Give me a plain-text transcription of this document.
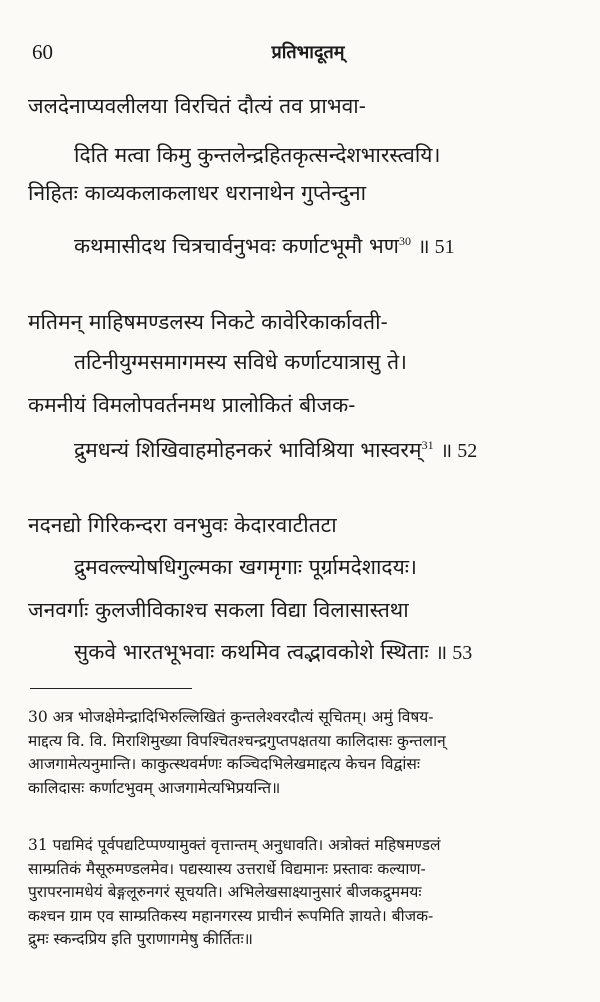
60	प्रतिभादूतम्
जलदेनाप्यवलीलया विरचितं दौत्यं तव प्राभवा-
दिति मत्वा किमु कुन्तलेन्द्रहितकृत्सन्देशभारस्त्वयि।
निहितः काव्यकलाकलाधर धरानाथेन गुप्तेन्दुना
कथमासीदथ चित्रचार्वनुभवः कर्णाटभूमौ भण$^{30}$ ॥ 51
मतिमन् माहिषमण्डलस्य निकटे कावेरिकार्कावती-
तटिनीयुग्मसमागमस्य सविधे कर्णाटयात्रासु ते।
कमनीयं विमलोपवर्तनमथ प्रालोकितं बीजक-
द्रुमधन्यं शिखिवाहमोहनकरं भाविश्रिया भास्वरम्$^{31}$ ॥ 52
नदनद्यो गिरिकन्दरा वनभुवः केदारवाटीतटा
द्रुमवल्ल्योषधिगुल्मका खगमृगाः पूर्ग्रामदेशादयः।
जनवर्गाः कुलजीविकाश्च सकला विद्या विलासास्तथा
सुकवे भारतभूभवाः कथमिव त्वद्भावकोशे स्थिताः ॥ 53
30 अत्र भोजक्षेमेन्द्रादिभिरुल्लिखितं कुन्तलेश्वरदौत्यं सूचितम्। अमुं विषय-
माद्दत्य वि. वि. मिराशिमुख्या विपश्चितश्चन्द्रगुप्तपक्षतया कालिदासः कुन्तलान्
आजगामेत्यनुमान्ति। काकुत्स्थवर्मणः कञ्चिदभिलेखमाद्दत्य केचन विद्वांसः
कालिदासः कर्णाटभुवम् आजगामेत्यभिप्रयन्ति॥
31 पद्यमिदं पूर्वपद्यटिप्पण्यामुक्तं वृत्तान्तम् अनुधावति। अत्रोक्तं महिषमण्डलं
साम्प्रतिकं मैसूरुमण्डलमेव। पद्यस्यास्य उत्तरार्धे विद्यमानः प्रस्तावः कल्याण-
पुरापरनामधेयं बेङ्गलूरुनगरं सूचयति। अभिलेखसाक्ष्यानुसारं बीजकद्रुममयः
कश्चन ग्राम एव साम्प्रतिकस्य महानगरस्य प्राचीनं रूपमिति ज्ञायते। बीजक-
द्रुमः स्कन्दप्रिय इति पुराणागमेषु कीर्तितः॥
